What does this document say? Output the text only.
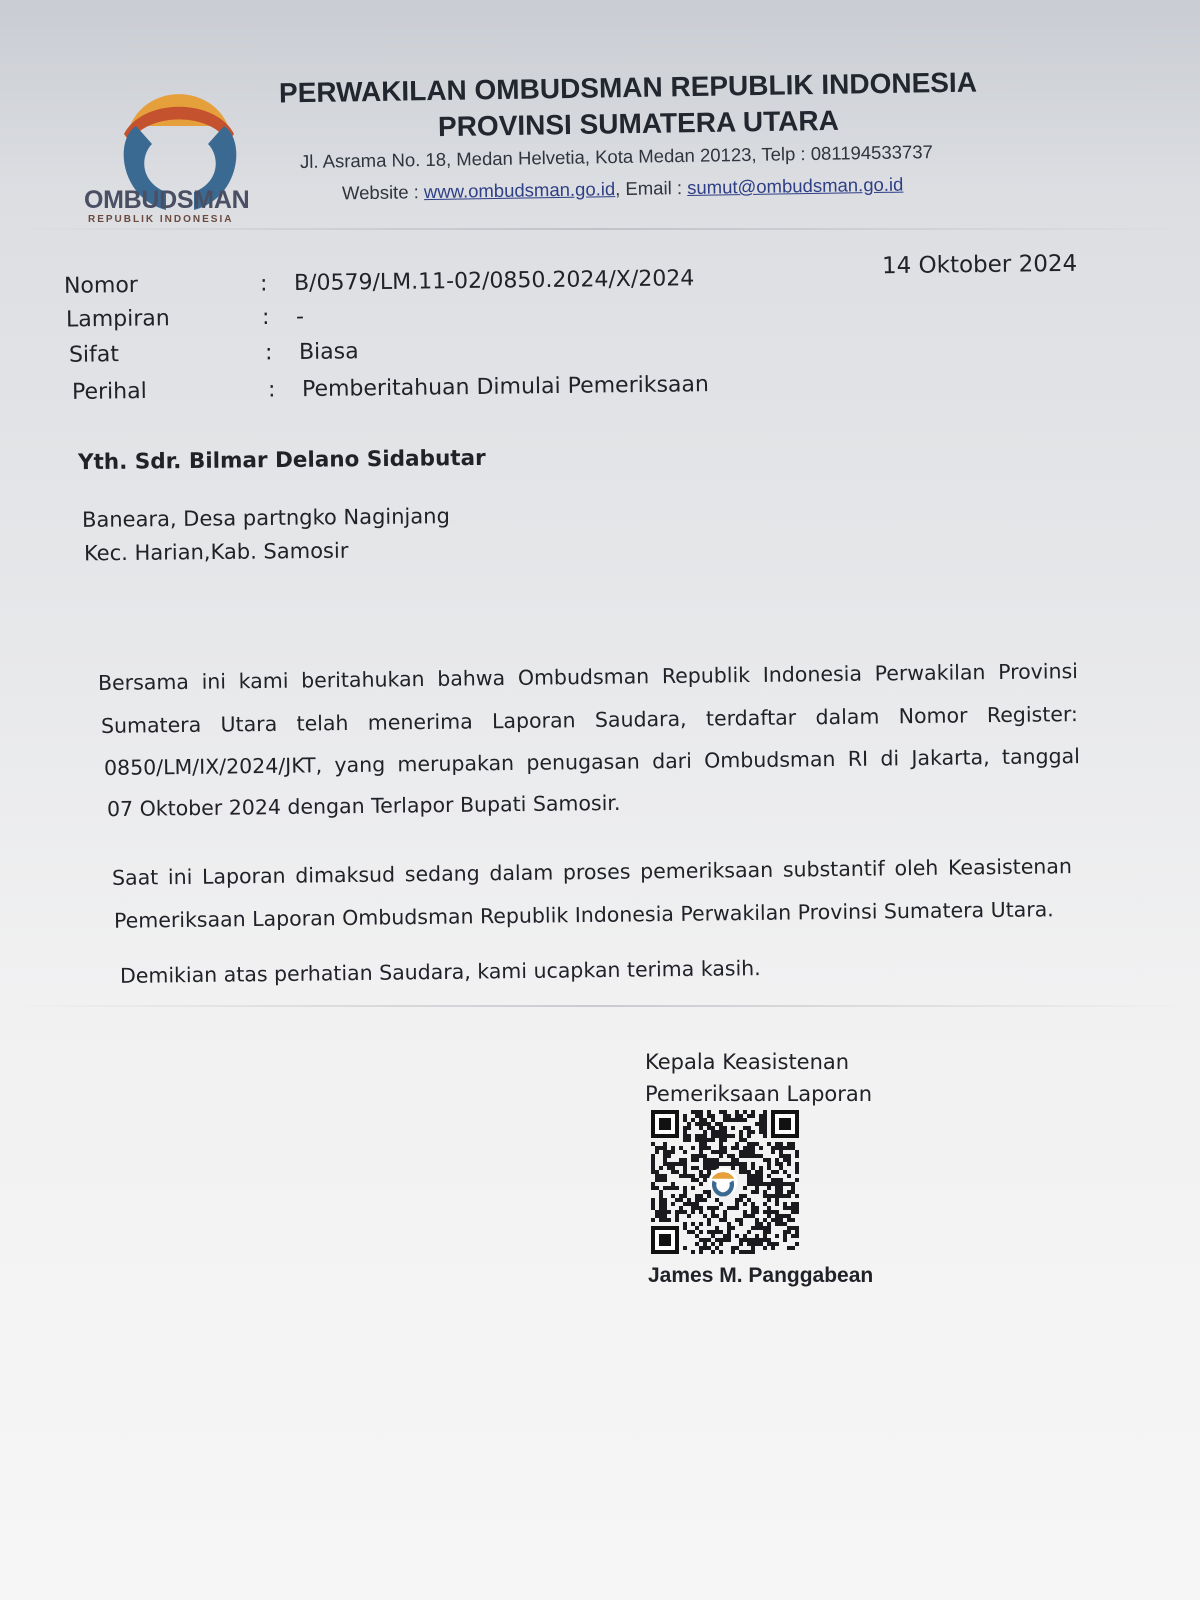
OMBUDSMAN
REPUBLIK INDONESIA
PERWAKILAN OMBUDSMAN REPUBLIK INDONESIA
PROVINSI SUMATERA UTARA
Jl. Asrama No. 18, Medan Helvetia, Kota Medan 20123, Telp : 081194533737
Website : www.ombudsman.go.id, Email : sumut@ombudsman.go.id
14 Oktober 2024
Nomor	: B/0579/LM.11-02/0850.2024/X/2024
Lampiran	: -
Sifat	: Biasa
Perihal	: Pemberitahuan Dimulai Pemeriksaan
Yth. Sdr. Bilmar Delano Sidabutar
Baneara, Desa partngko Naginjang
Kec. Harian,Kab. Samosir
Bersama ini kami beritahukan bahwa Ombudsman Republik Indonesia Perwakilan Provinsi
Sumatera Utara telah menerima Laporan Saudara, terdaftar dalam Nomor Register:
0850/LM/IX/2024/JKT, yang merupakan penugasan dari Ombudsman RI di Jakarta, tanggal
07 Oktober 2024 dengan Terlapor Bupati Samosir.
Saat ini Laporan dimaksud sedang dalam proses pemeriksaan substantif oleh Keasistenan
Pemeriksaan Laporan Ombudsman Republik Indonesia Perwakilan Provinsi Sumatera Utara.
Demikian atas perhatian Saudara, kami ucapkan terima kasih.
Kepala Keasistenan
Pemeriksaan Laporan
James M. Panggabean
